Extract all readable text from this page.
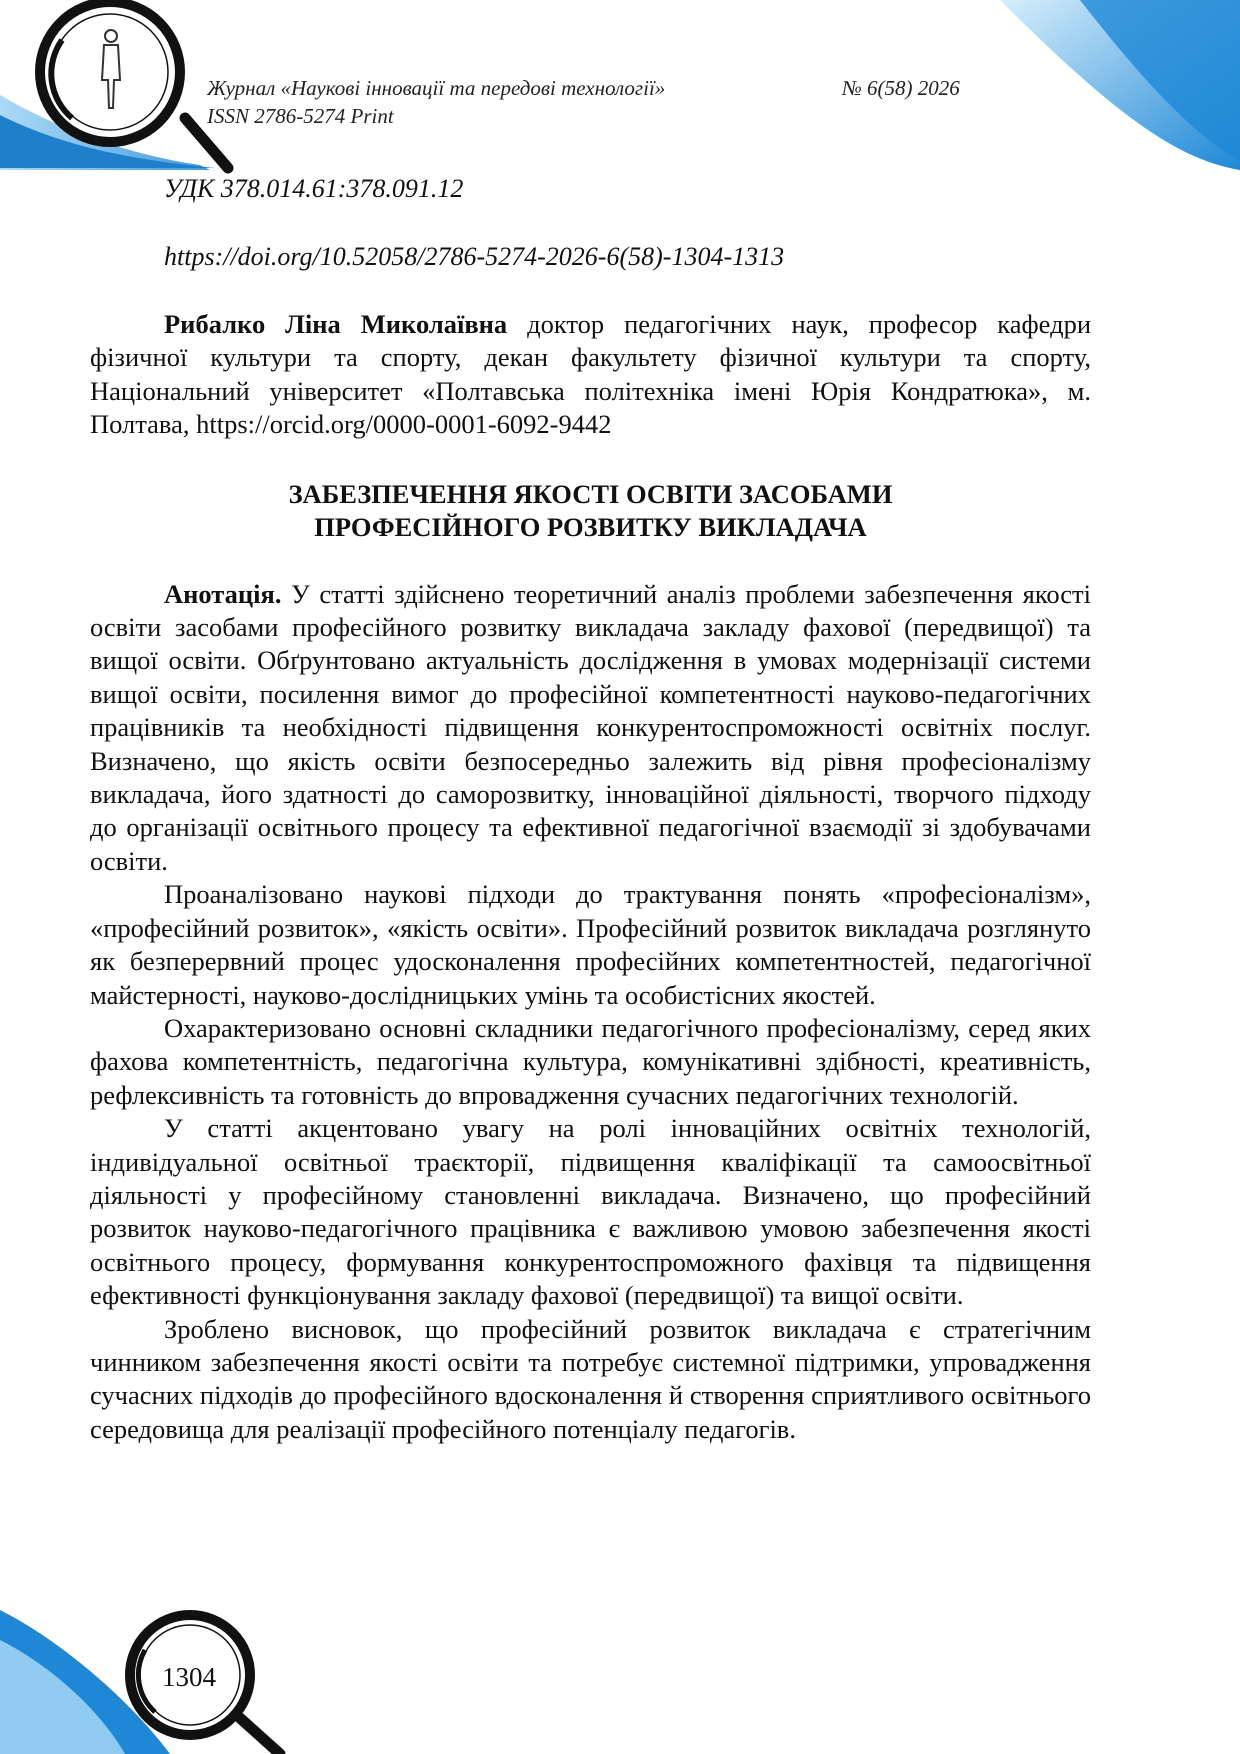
Журнал «Наукові інновації та передові технології»	№ 6(58) 2026
ISSN 2786-5274 Print
УДК 378.014.61:378.091.12
https://doi.org/10.52058/2786-5274-2026-6(58)-1304-1313

Рибалко Ліна Миколаївна доктор педагогічних наук, професор кафедри фізичної культури та спорту, декан факультету фізичної культури та спорту, Національний університет «Полтавська політехніка імені Юрія Кондратюка», м. Полтава, https://orcid.org/0000-0001-6092-9442

ЗАБЕЗПЕЧЕННЯ ЯКОСТІ ОСВІТИ ЗАСОБАМИ
ПРОФЕСІЙНОГО РОЗВИТКУ ВИКЛАДАЧА

Анотація. У статті здійснено теоретичний аналіз проблеми забезпечення якості освіти засобами професійного розвитку викладача закладу фахової (передвищої) та вищої освіти. Обґрунтовано актуальність дослідження в умовах модернізації системи вищої освіти, посилення вимог до професійної компетентності науково-педагогічних працівників та необхідності підвищення конкурентоспроможності освітніх послуг. Визначено, що якість освіти безпосередньо залежить від рівня професіоналізму викладача, його здатності до саморозвитку, інноваційної діяльності, творчого підходу до організації освітнього процесу та ефективної педагогічної взаємодії зі здобувачами освіти.

Проаналізовано наукові підходи до трактування понять «професіоналізм», «професійний розвиток», «якість освіти». Професійний розвиток викладача розглянуто як безперервний процес удосконалення професійних компетентностей, педагогічної майстерності, науково-дослідницьких умінь та особистісних якостей.

Охарактеризовано основні складники педагогічного професіоналізму, серед яких фахова компетентність, педагогічна культура, комунікативні здібності, креативність, рефлексивність та готовність до впровадження сучасних педагогічних технологій.

У статті акцентовано увагу на ролі інноваційних освітніх технологій, індивідуальної освітньої траєкторії, підвищення кваліфікації та самоосвітньої діяльності у професійному становленні викладача. Визначено, що професійний розвиток науково-педагогічного працівника є важливою умовою забезпечення якості освітнього процесу, формування конкурентоспроможного фахівця та підвищення ефективності функціонування закладу фахової (передвищої) та вищої освіти.

Зроблено висновок, що професійний розвиток викладача є стратегічним чинником забезпечення якості освіти та потребує системної підтримки, упровадження сучасних підходів до професійного вдосконалення й створення сприятливого освітнього середовища для реалізації професійного потенціалу педагогів.

1304
